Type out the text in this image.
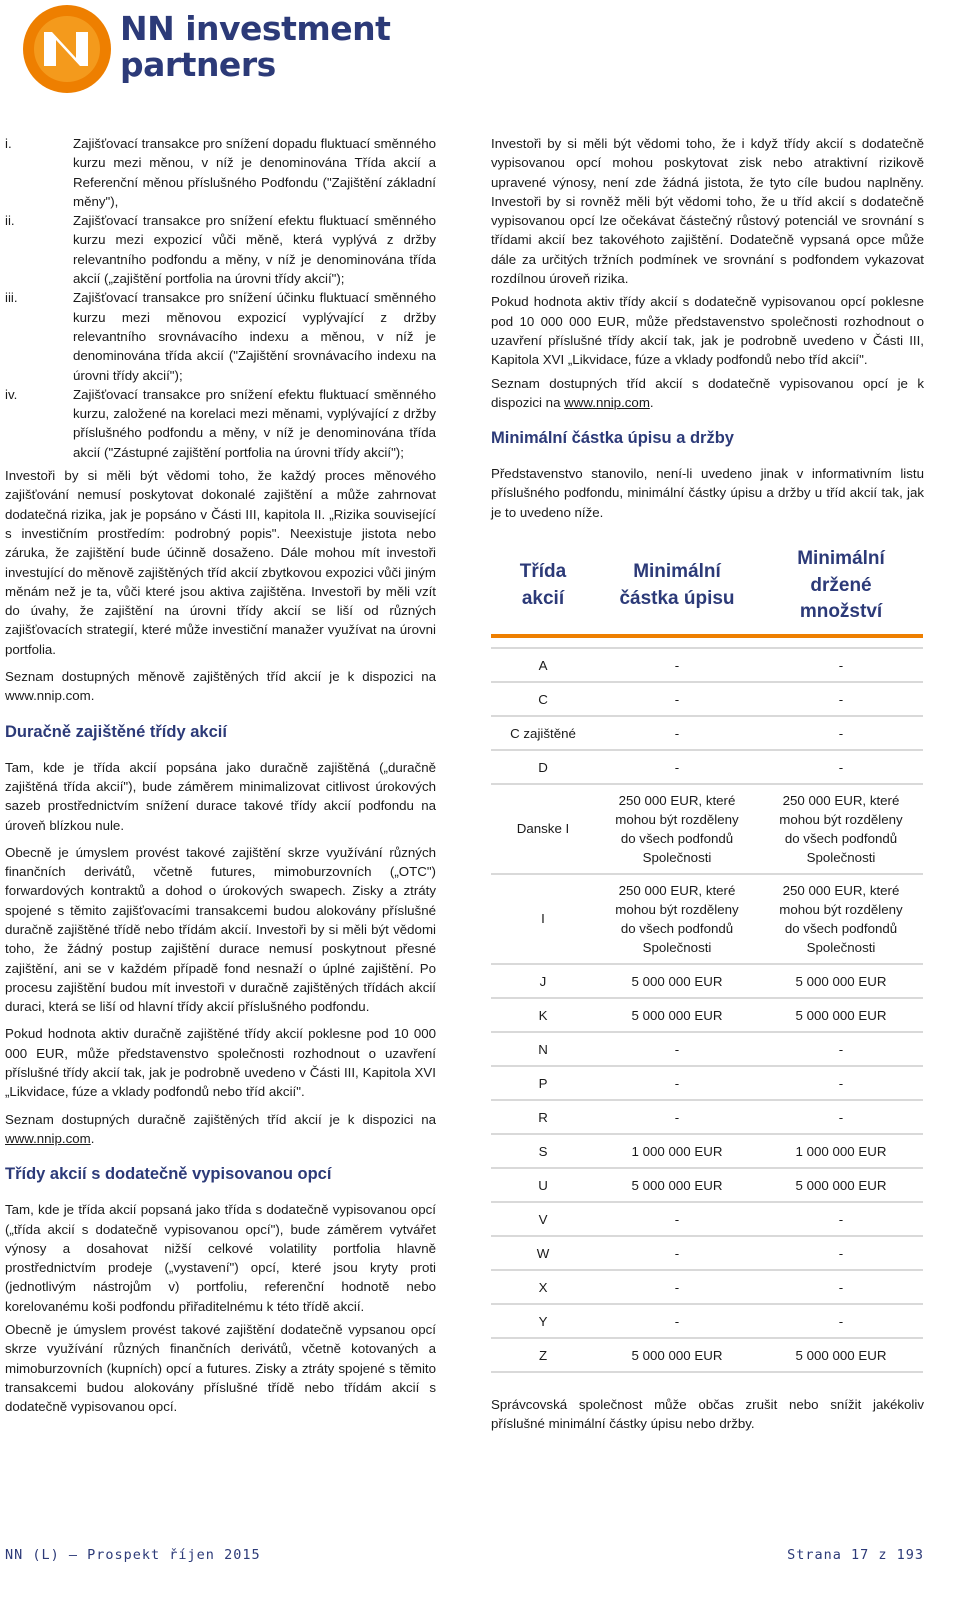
NN investment
partners
i.	Zajišťovací transakce pro snížení dopadu fluktuací směnného kurzu mezi měnou, v níž je denominována Třída akcií a Referenční měnou příslušného Podfondu ("Zajištění základní měny"),
ii.	Zajišťovací transakce pro snížení efektu fluktuací směnného kurzu mezi expozicí vůči měně, která vyplývá z držby relevantního podfondu a měny, v níž je denominována třída akcií („zajištění portfolia na úrovni třídy akcií");
iii.	Zajišťovací transakce pro snížení účinku fluktuací směnného kurzu mezi měnovou expozicí vyplývající z držby relevantního srovnávacího indexu a měnou, v níž je denominována třída akcií ("Zajištění srovnávacího indexu na úrovni třídy akcií");
iv.	Zajišťovací transakce pro snížení efektu fluktuací směnného kurzu, založené na korelaci mezi měnami, vyplývající z držby příslušného podfondu a měny, v níž je denominována třída akcií ("Zástupné zajištění portfolia na úrovni třídy akcií");

Investoři by si měli být vědomi toho, že každý proces měnového zajišťování nemusí poskytovat dokonalé zajištění a může zahrnovat dodatečná rizika, jak je popsáno v Části III, kapitola II. „Rizika související s investičním prostředím: podrobný popis". Neexistuje jistota nebo záruka, že zajištění bude účinně dosaženo. Dále mohou mít investoři investující do měnově zajištěných tříd akcií zbytkovou expozici vůči jiným měnám než je ta, vůči které jsou aktiva zajištěna. Investoři by měli vzít do úvahy, že zajištění na úrovni třídy akcií se liší od různých zajišťovacích strategií, které může investiční manažer využívat na úrovni portfolia.

Seznam dostupných měnově zajištěných tříd akcií je k dispozici na www.nnip.com.

Duračně zajištěné třídy akcií

Tam, kde je třída akcií popsána jako duračně zajištěná („duračně zajištěná třída akcií"), bude záměrem minimalizovat citlivost úrokových sazeb prostřednictvím snížení durace takové třídy akcií podfondu na úroveň blízkou nule.

Obecně je úmyslem provést takové zajištění skrze využívání různých finančních derivátů, včetně futures, mimoburzovních („OTC") forwardových kontraktů a dohod o úrokových swapech. Zisky a ztráty spojené s těmito zajišťovacími transakcemi budou alokovány příslušné duračně zajištěné třídě nebo třídám akcií. Investoři by si měli být vědomi toho, že žádný postup zajištění durace nemusí poskytnout přesné zajištění, ani se v každém případě fond nesnaží o úplné zajištění. Po procesu zajištění budou mít investoři v duračně zajištěných třídách akcií duraci, která se liší od hlavní třídy akcií příslušného podfondu.

Pokud hodnota aktiv duračně zajištěné třídy akcií poklesne pod 10 000 000 EUR, může představenstvo společnosti rozhodnout o uzavření příslušné třídy akcií tak, jak je podrobně uvedeno v Části III, Kapitola XVI „Likvidace, fúze a vklady podfondů nebo tříd akcií".

Seznam dostupných duračně zajištěných tříd akcií je k dispozici na www.nnip.com.

Třídy akcií s dodatečně vypisovanou opcí

Tam, kde je třída akcií popsaná jako třída s dodatečně vypisovanou opcí („třída akcií s dodatečně vypisovanou opcí"), bude záměrem vytvářet výnosy a dosahovat nižší celkové volatility portfolia hlavně prostřednictvím prodeje („vystavení") opcí, které jsou kryty proti (jednotlivým nástrojům v) portfoliu, referenční hodnotě nebo korelovanému koši podfondu přiřaditelnému k této třídě akcií.

Obecně je úmyslem provést takové zajištění dodatečně vypsanou opcí skrze využívání různých finančních derivátů, včetně kotovaných a mimoburzovních (kupních) opcí a futures. Zisky a ztráty spojené s těmito transakcemi budou alokovány příslušné třídě nebo třídám akcií s dodatečně vypisovanou opcí.

Investoři by si měli být vědomi toho, že i když třídy akcií s dodatečně vypisovanou opcí mohou poskytovat zisk nebo atraktivní rizikově upravené výnosy, není zde žádná jistota, že tyto cíle budou naplněny. Investoři by si rovněž měli být vědomi toho, že u tříd akcií s dodatečně vypisovanou opcí lze očekávat částečný růstový potenciál ve srovnání s třídami akcií bez takovéhoto zajištění. Dodatečně vypsaná opce může dále za určitých tržních podmínek ve srovnání s podfondem vykazovat rozdílnou úroveň rizika.

Pokud hodnota aktiv třídy akcií s dodatečně vypisovanou opcí poklesne pod 10 000 000 EUR, může představenstvo společnosti rozhodnout o uzavření příslušné třídy akcií tak, jak je podrobně uvedeno v Části III, Kapitola XVI „Likvidace, fúze a vklady podfondů nebo tříd akcií".

Seznam dostupných tříd akcií s dodatečně vypisovanou opcí je k dispozici na www.nnip.com.

Minimální částka úpisu a držby

Představenstvo stanovilo, není-li uvedeno jinak v informativním listu příslušného podfondu, minimální částky úpisu a držby u tříd akcií tak, jak je to uvedeno níže.

Třída akcií	Minimální částka úpisu	Minimální držené množství

A	-	-
C	-	-
C zajištěné	-	-
D	-	-
Danske I	250 000 EUR, které mohou být rozděleny do všech podfondů Společnosti	250 000 EUR, které mohou být rozděleny do všech podfondů Společnosti
I	250 000 EUR, které mohou být rozděleny do všech podfondů Společnosti	250 000 EUR, které mohou být rozděleny do všech podfondů Společnosti
J	5 000 000 EUR	5 000 000 EUR
K	5 000 000 EUR	5 000 000 EUR
N	-	-
P	-	-
R	-	-
S	1 000 000 EUR	1 000 000 EUR
U	5 000 000 EUR	5 000 000 EUR
V	-	-
W	-	-
X	-	-
Y	-	-
Z	5 000 000 EUR	5 000 000 EUR

Správcovská společnost může občas zrušit nebo snížit jakékoliv příslušné minimální částky úpisu nebo držby.

NN (L) – Prospekt říjen 2015	Strana 17 z 193
